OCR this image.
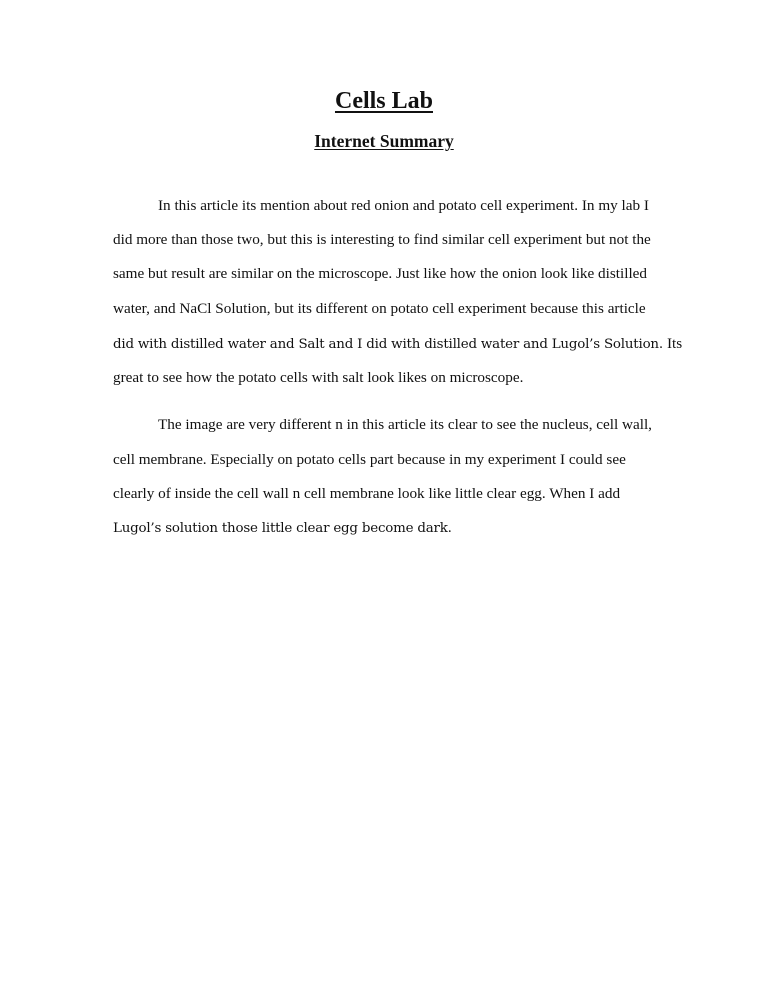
Cells Lab
Internet Summary

In this article its mention about red onion and potato cell experiment. In my lab I

did more than those two, but this is interesting to find similar cell experiment but not the

same but result are similar on the microscope. Just like how the onion look like distilled

water, and NaCl Solution, but its different on potato cell experiment because this article

did with distilled water and Salt and I did with distilled water and Lugol’s Solution. Its

great to see how the potato cells with salt look likes on microscope.

The image are very different n in this article its clear to see the nucleus, cell wall,

cell membrane. Especially on potato cells part because in my experiment I could see

clearly of inside the cell wall n cell membrane look like little clear egg. When I add

Lugol’s solution those little clear egg become dark.
